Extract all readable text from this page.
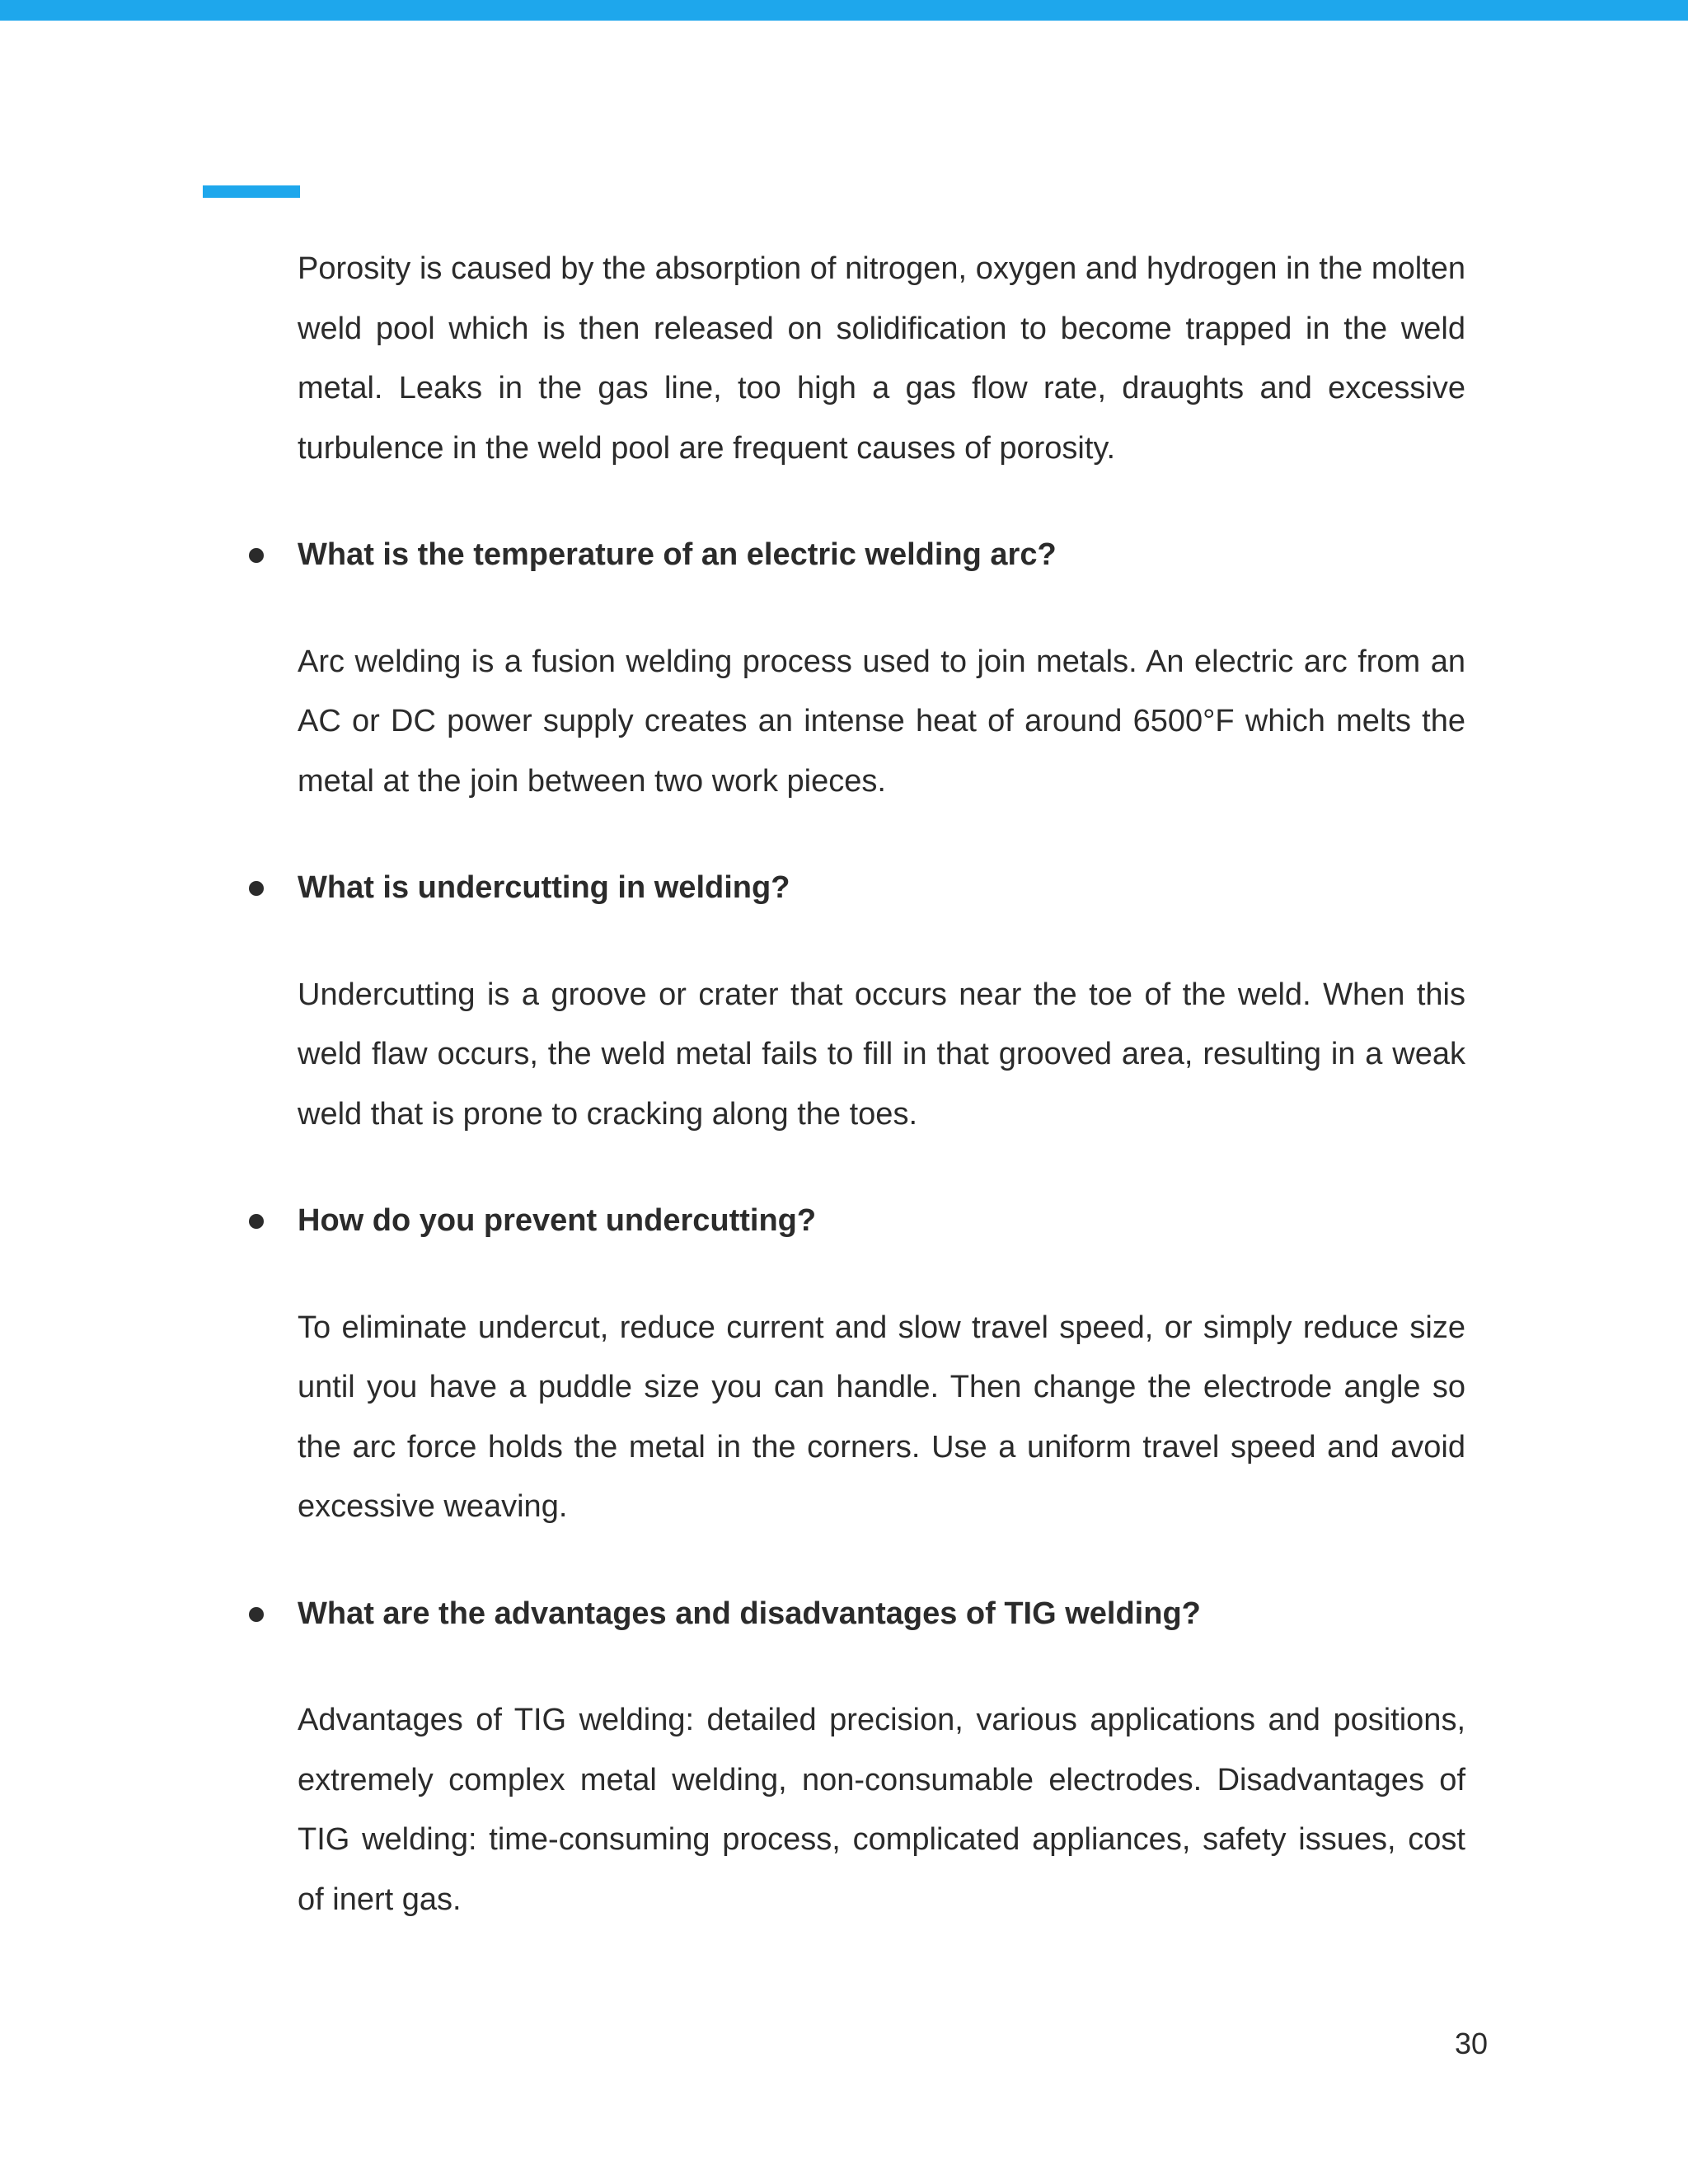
Porosity is caused by the absorption of nitrogen, oxygen and hydrogen in the molten weld pool which is then released on solidification to become trapped in the weld metal. Leaks in the gas line, too high a gas flow rate, draughts and excessive turbulence in the weld pool are frequent causes of porosity.

What is the temperature of an electric welding arc?

Arc welding is a fusion welding process used to join metals. An electric arc from an AC or DC power supply creates an intense heat of around 6500°F which melts the metal at the join between two work pieces.

What is undercutting in welding?

Undercutting is a groove or crater that occurs near the toe of the weld. When this weld flaw occurs, the weld metal fails to fill in that grooved area, resulting in a weak weld that is prone to cracking along the toes.

How do you prevent undercutting?

To eliminate undercut, reduce current and slow travel speed, or simply reduce size until you have a puddle size you can handle. Then change the electrode angle so the arc force holds the metal in the corners. Use a uniform travel speed and avoid excessive weaving.

What are the advantages and disadvantages of TIG welding?

Advantages of TIG welding: detailed precision, various applications and positions, extremely complex metal welding, non-consumable electrodes. Disadvantages of TIG welding: time-consuming process, complicated appliances, safety issues, cost of inert gas.

30
